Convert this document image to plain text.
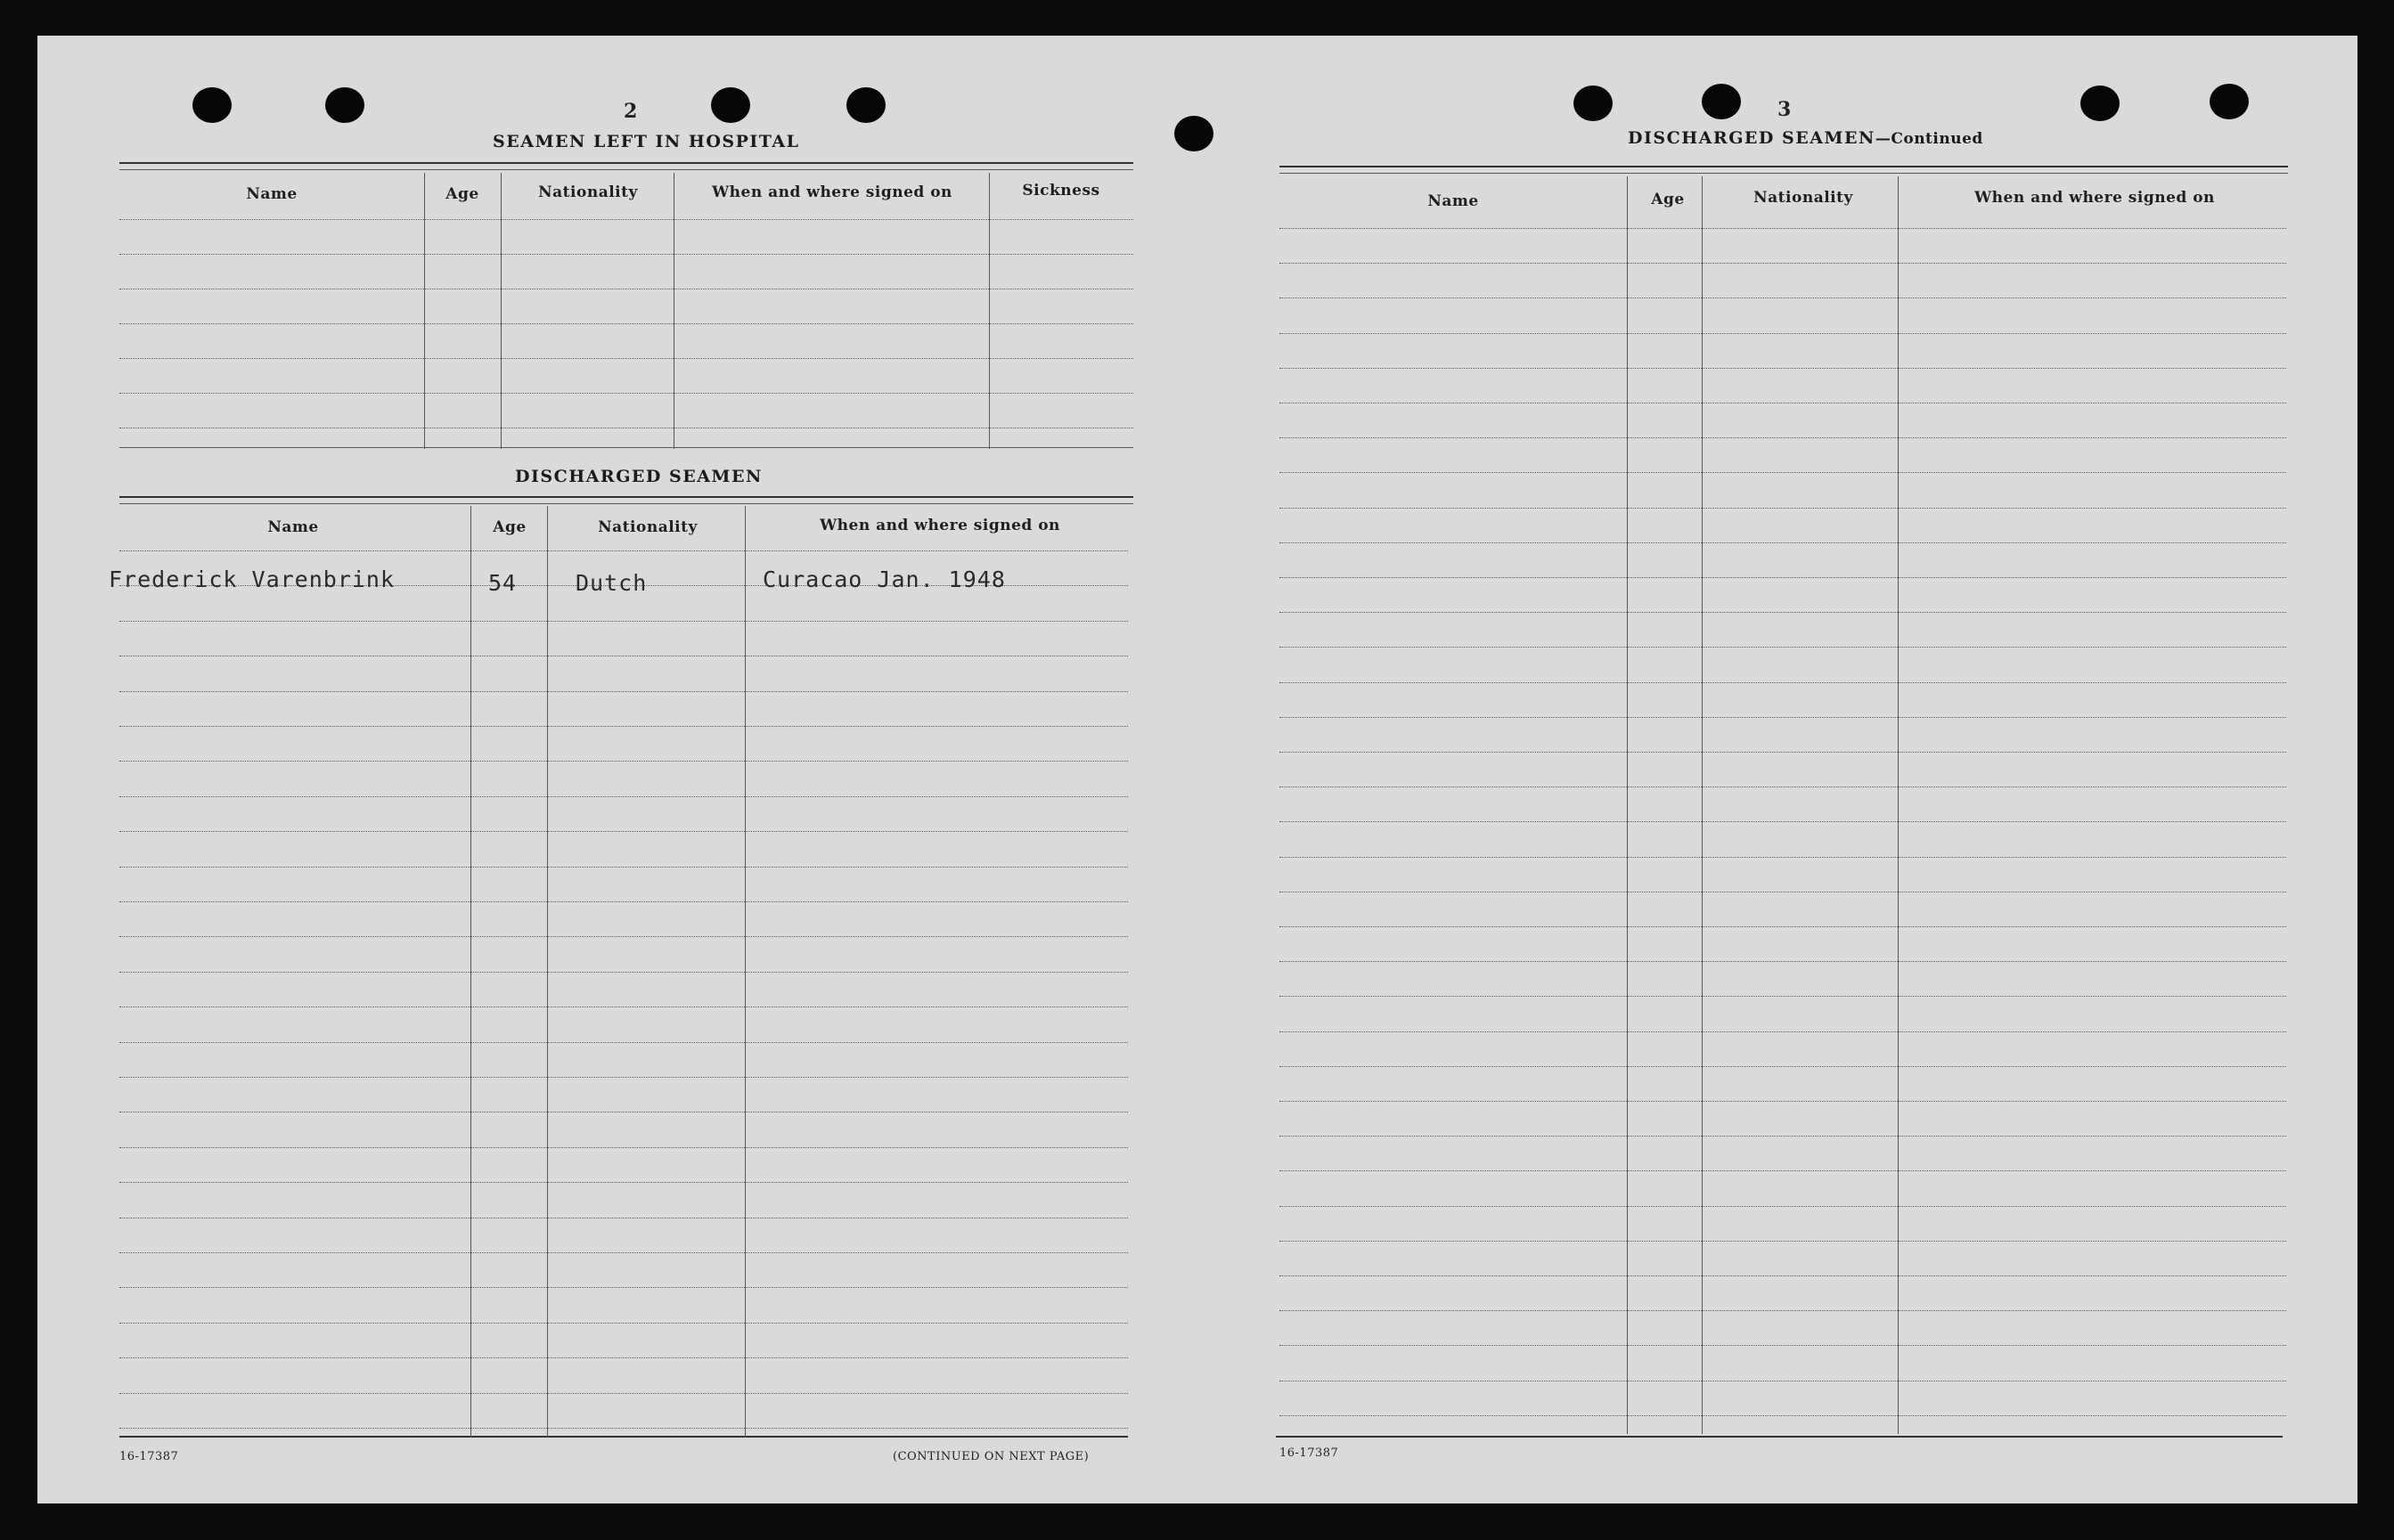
2
SEAMEN LEFT IN HOSPITAL
Name	Age	Nationality	When and where signed on	Sickness
DISCHARGED SEAMEN
Name	Age	Nationality	When and where signed on
Frederick Varenbrink	54	Dutch	Curacao Jan. 1948
16-17387	(CONTINUED ON NEXT PAGE)
3
DISCHARGED SEAMEN—Continued
Name	Age	Nationality	When and where signed on
16-17387
